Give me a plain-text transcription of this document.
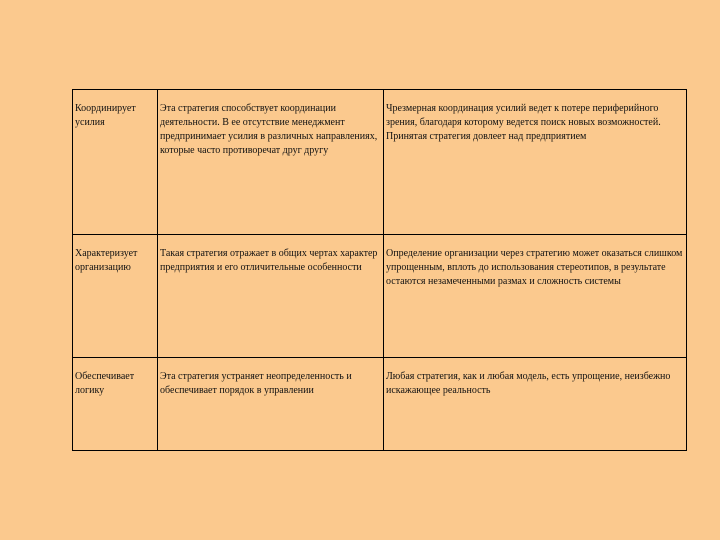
Координирует усилия
Эта стратегия способствует координации деятельности. В ее отсутствие менеджмент предпринимает усилия в различных направлениях, которые часто противоречат друг другу
Чрезмерная координация усилий ведет к потере периферийного зрения, благодаря которому ведется поиск новых возможностей. Принятая стратегия довлеет над предприятием
Характеризует организацию
Такая стратегия отражает в общих чертах характер предприятия и его отличительные особенности
Определение организации через стратегию может оказаться слишком упрощенным, вплоть до использования стереотипов, в результате остаются незамеченными размах и сложность системы
Обеспечивает логику
Эта стратегия устраняет неопределенность и обеспечивает порядок в управлении
Любая стратегия, как и любая модель, есть упрощение, неизбежно искажающее реальность
